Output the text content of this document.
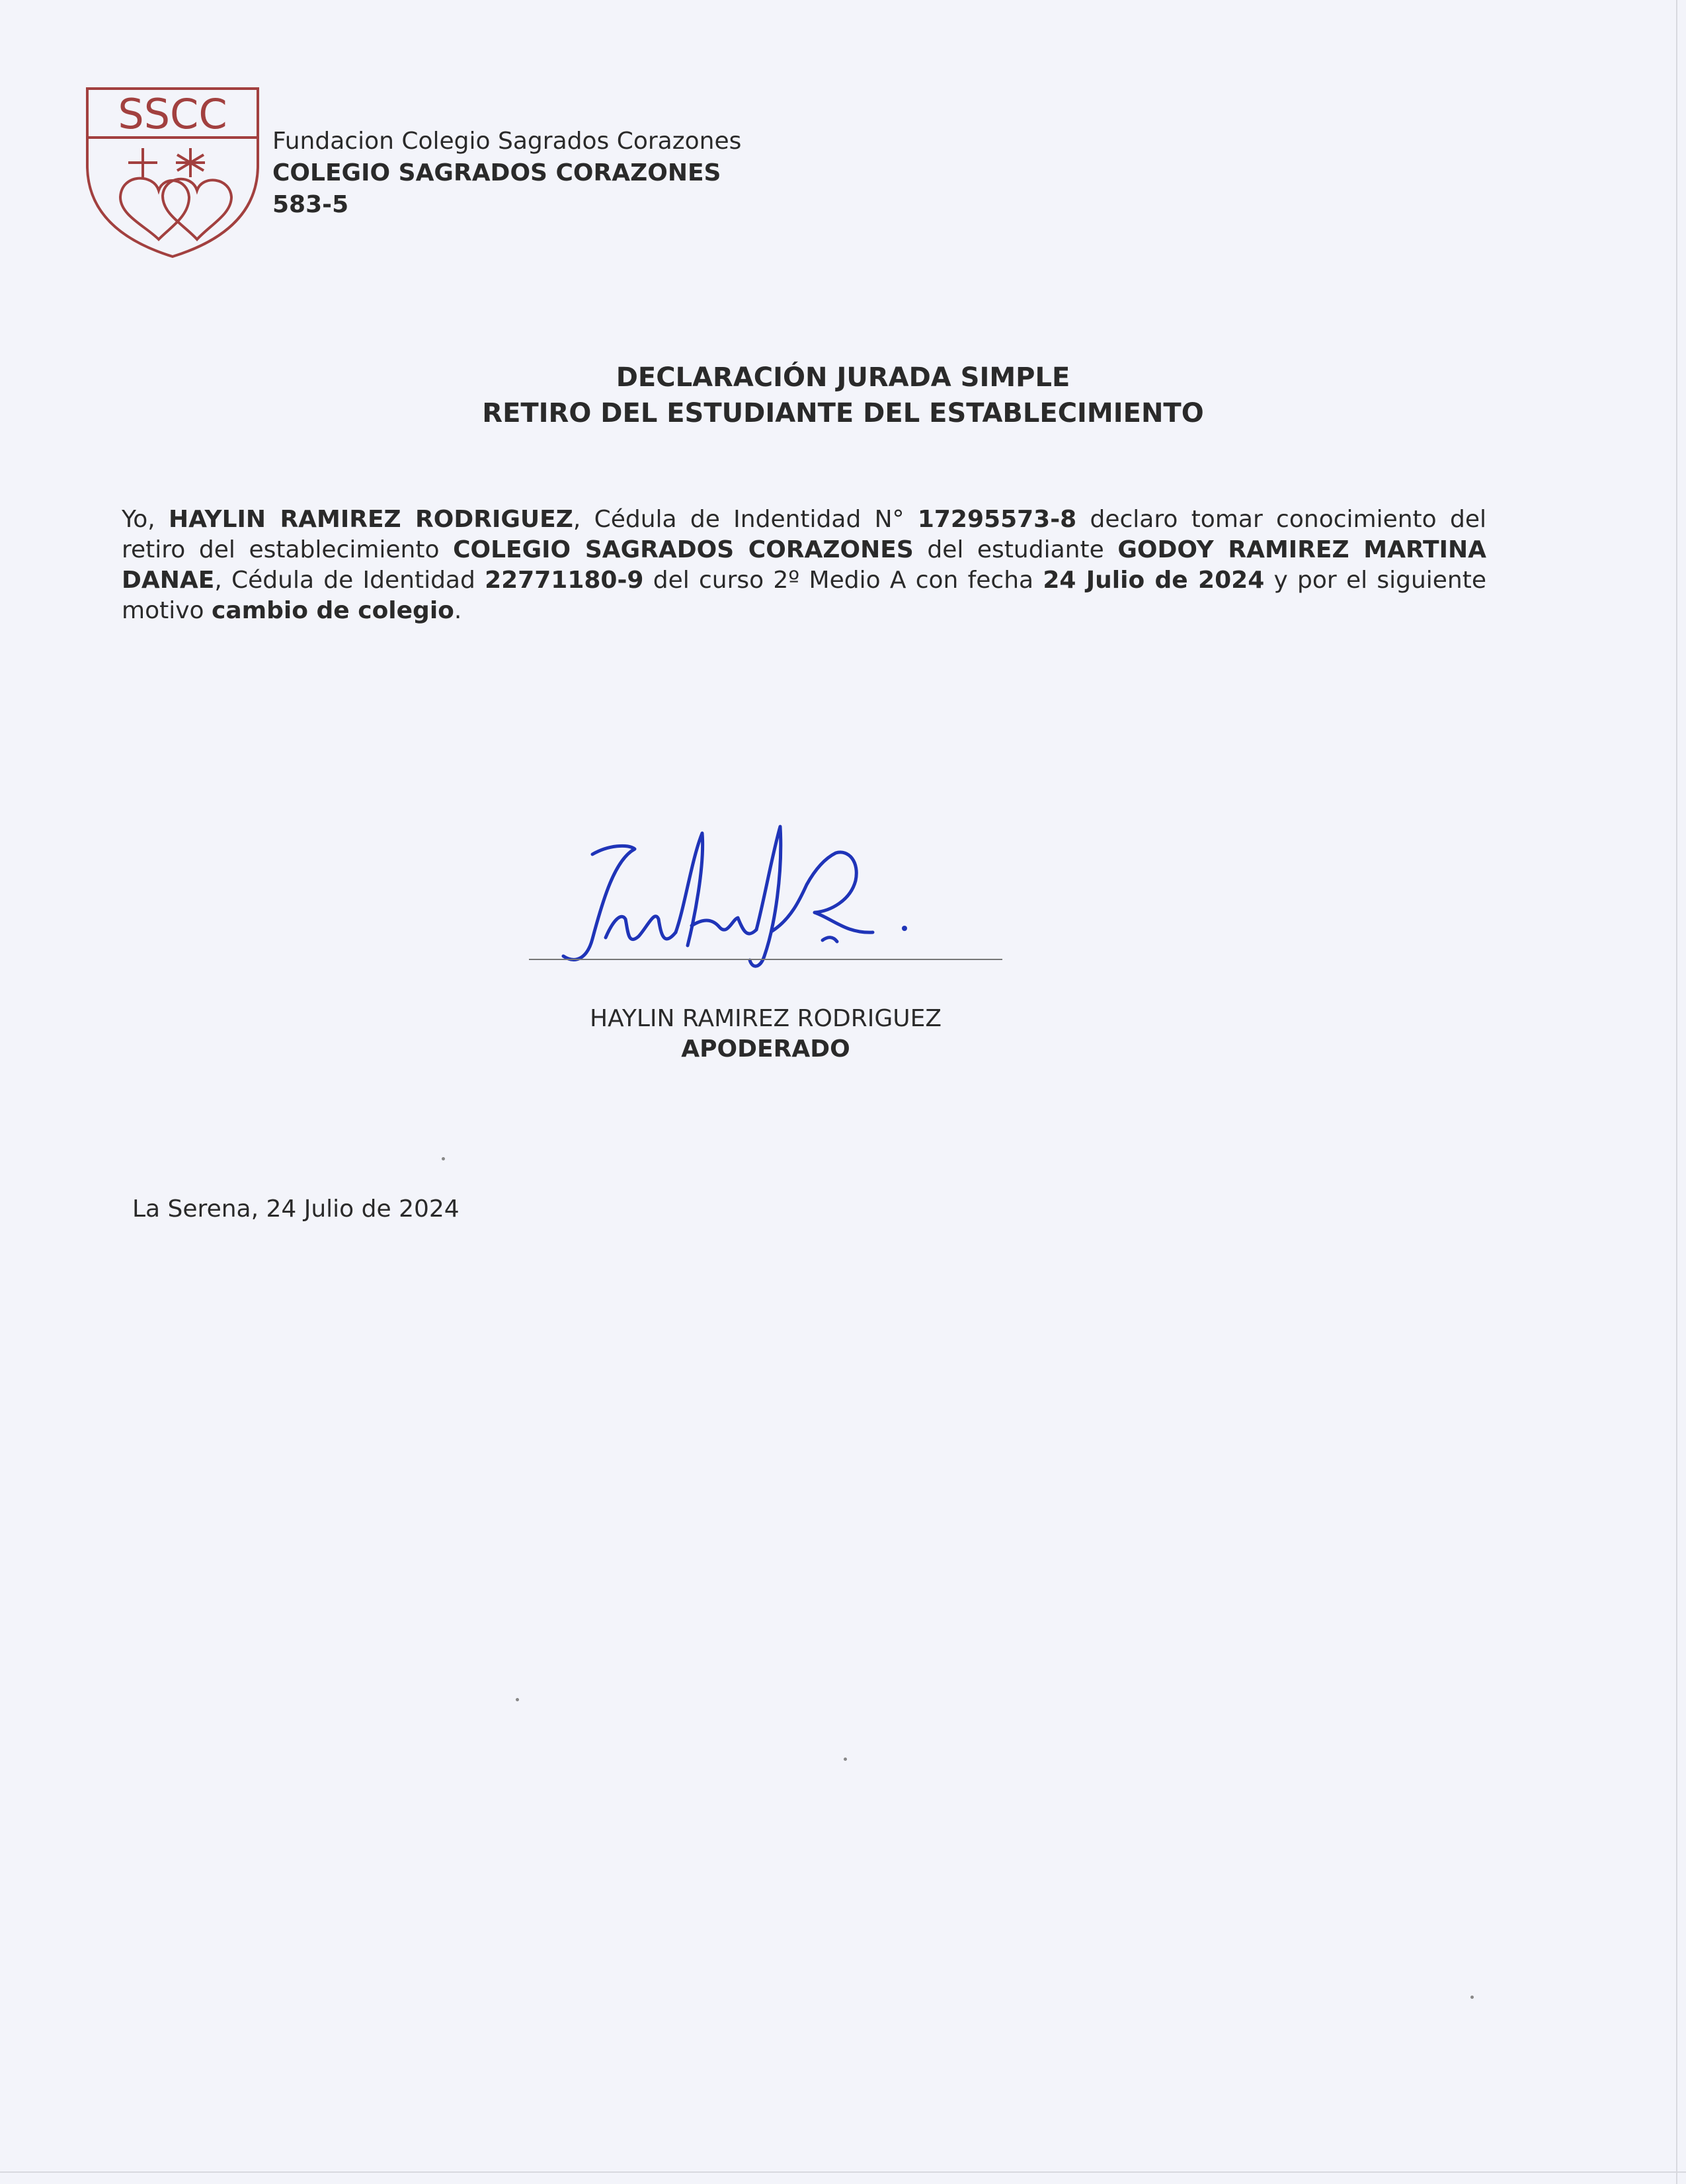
SSCC
Fundacion Colegio Sagrados Corazones
COLEGIO SAGRADOS CORAZONES
583-5
DECLARACIÓN JURADA SIMPLE
RETIRO DEL ESTUDIANTE DEL ESTABLECIMIENTO
Yo, HAYLIN RAMIREZ RODRIGUEZ, Cédula de Indentidad N° 17295573-8 declaro tomar conocimiento del retiro del establecimiento COLEGIO SAGRADOS CORAZONES del estudiante GODOY RAMIREZ MARTINA DANAE, Cédula de Identidad 22771180-9 del curso 2º Medio A con fecha 24 Julio de 2024 y por el siguiente motivo cambio de colegio.
HAYLIN RAMIREZ RODRIGUEZ
APODERADO
La Serena, 24 Julio de 2024
